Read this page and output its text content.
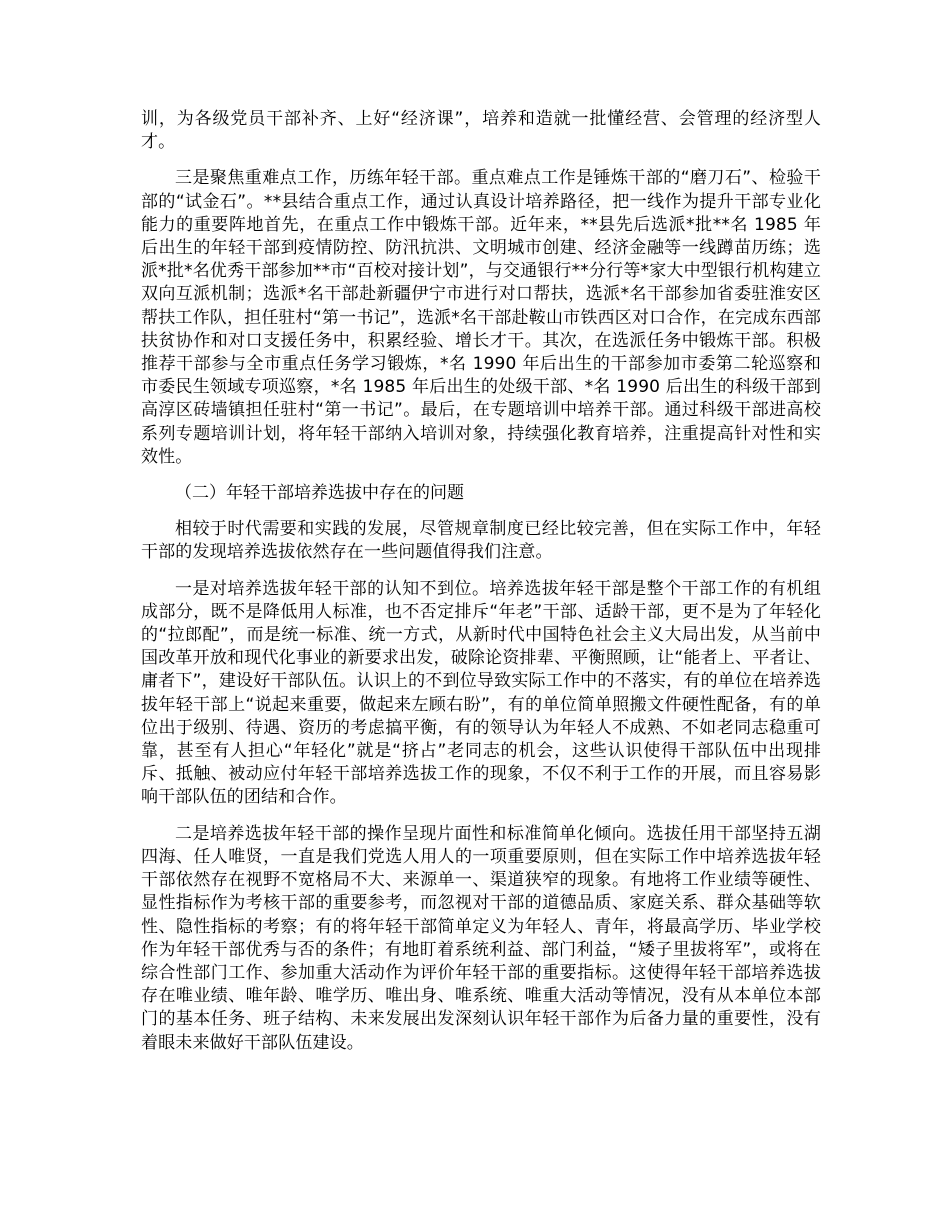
训，为各级党员干部补齐、上好“经济课”，培养和造就一批懂经营、会管理的经济型人才。

三是聚焦重难点工作，历练年轻干部。重点难点工作是锤炼干部的“磨刀石”、检验干部的“试金石”。**县结合重点工作，通过认真设计培养路径，把一线作为提升干部专业化能力的重要阵地首先，在重点工作中锻炼干部。近年来，**县先后选派*批**名 1985 年后出生的年轻干部到疫情防控、防汛抗洪、文明城市创建、经济金融等一线蹲苗历练；选派*批*名优秀干部参加**市“百校对接计划”，与交通银行**分行等*家大中型银行机构建立双向互派机制；选派*名干部赴新疆伊宁市进行对口帮扶，选派*名干部参加省委驻淮安区帮扶工作队，担任驻村“第一书记”，选派*名干部赴鞍山市铁西区对口合作，在完成东西部扶贫协作和对口支援任务中，积累经验、增长才干。其次，在选派任务中锻炼干部。积极推荐干部参与全市重点任务学习锻炼，*名 1990 年后出生的干部参加市委第二轮巡察和市委民生领域专项巡察，*名 1985 年后出生的处级干部、*名 1990 后出生的科级干部到高淳区砖墙镇担任驻村“第一书记”。最后，在专题培训中培养干部。通过科级干部进高校系列专题培训计划，将年轻干部纳入培训对象，持续强化教育培养，注重提高针对性和实效性。

（二）年轻干部培养选拔中存在的问题

相较于时代需要和实践的发展，尽管规章制度已经比较完善，但在实际工作中，年轻干部的发现培养选拔依然存在一些问题值得我们注意。

一是对培养选拔年轻干部的认知不到位。培养选拔年轻干部是整个干部工作的有机组成部分，既不是降低用人标准，也不否定排斥“年老”干部、适龄干部，更不是为了年轻化的“拉郎配”，而是统一标准、统一方式，从新时代中国特色社会主义大局出发，从当前中国改革开放和现代化事业的新要求出发，破除论资排辈、平衡照顾，让“能者上、平者让、庸者下”，建设好干部队伍。认识上的不到位导致实际工作中的不落实，有的单位在培养选拔年轻干部上“说起来重要，做起来左顾右盼”，有的单位简单照搬文件硬性配备，有的单位出于级别、待遇、资历的考虑搞平衡，有的领导认为年轻人不成熟、不如老同志稳重可靠，甚至有人担心“年轻化”就是“挤占”老同志的机会，这些认识使得干部队伍中出现排斥、抵触、被动应付年轻干部培养选拔工作的现象，不仅不利于工作的开展，而且容易影响干部队伍的团结和合作。

二是培养选拔年轻干部的操作呈现片面性和标准简单化倾向。选拔任用干部坚持五湖四海、任人唯贤，一直是我们党选人用人的一项重要原则，但在实际工作中培养选拔年轻干部依然存在视野不宽格局不大、来源单一、渠道狭窄的现象。有地将工作业绩等硬性、显性指标作为考核干部的重要参考，而忽视对干部的道德品质、家庭关系、群众基础等软性、隐性指标的考察；有的将年轻干部简单定义为年轻人、青年，将最高学历、毕业学校作为年轻干部优秀与否的条件；有地盯着系统利益、部门利益，“矮子里拔将军”，或将在综合性部门工作、参加重大活动作为评价年轻干部的重要指标。这使得年轻干部培养选拔存在唯业绩、唯年龄、唯学历、唯出身、唯系统、唯重大活动等情况，没有从本单位本部门的基本任务、班子结构、未来发展出发深刻认识年轻干部作为后备力量的重要性，没有着眼未来做好干部队伍建设。
